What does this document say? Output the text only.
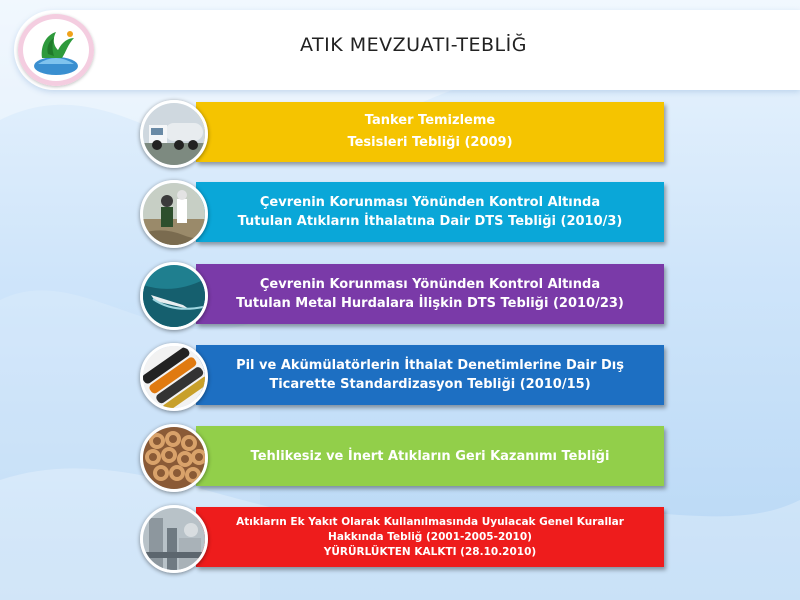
ATIK MEVZUATI-TEBLİĞ
Tanker Temizleme
Tesisleri Tebliği (2009)
Çevrenin Korunması Yönünden Kontrol Altında
Tutulan Atıkların İthalatına Dair DTS Tebliği (2010/3)
Çevrenin Korunması Yönünden Kontrol Altında
Tutulan Metal Hurdalara İlişkin DTS Tebliği (2010/23)
Pil ve Akümülatörlerin İthalat Denetimlerine Dair Dış
Ticarette Standardizasyon Tebliği (2010/15)
Tehlikesiz ve İnert Atıkların Geri Kazanımı Tebliği
Atıkların Ek Yakıt Olarak Kullanılmasında Uyulacak Genel Kurallar
Hakkında Tebliğ (2001-2005-2010)
YÜRÜRLÜKTEN KALKTI (28.10.2010)
